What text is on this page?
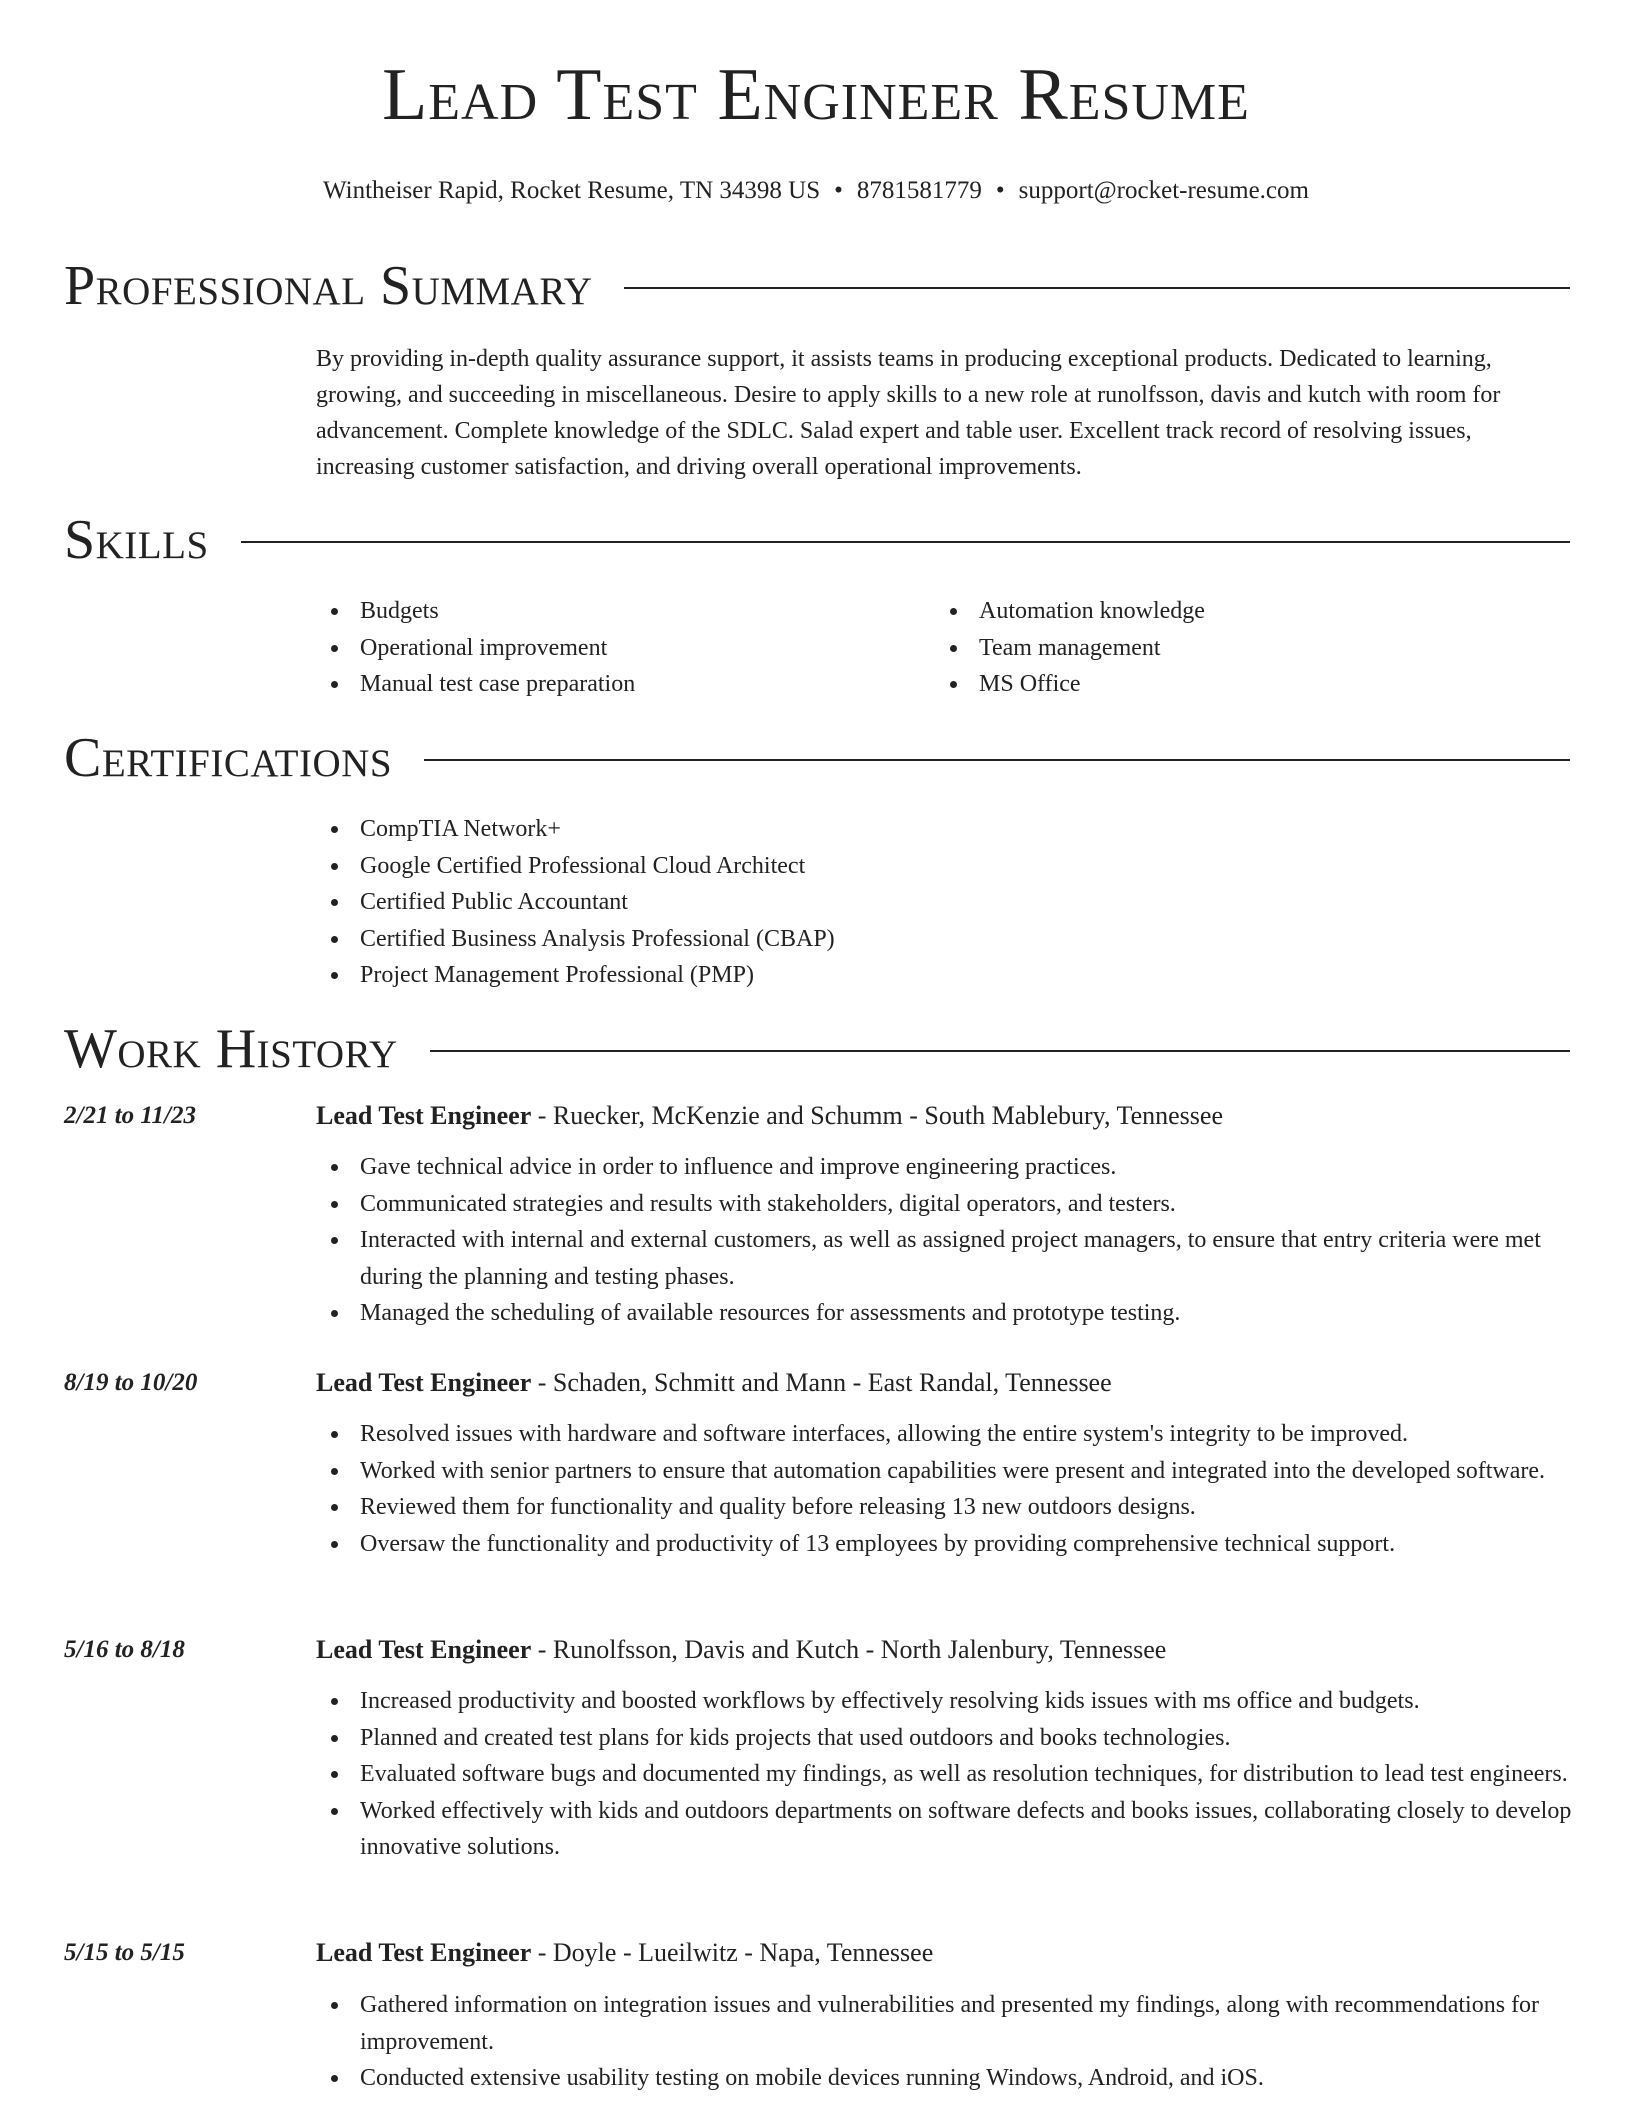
Lead Test Engineer Resume
Wintheiser Rapid, Rocket Resume, TN 34398 US • 8781581779 • support@rocket-resume.com
Professional Summary

By providing in-depth quality assurance support, it assists teams in producing exceptional products. Dedicated to learning, growing, and succeeding in miscellaneous. Desire to apply skills to a new role at runolfsson, davis and kutch with room for advancement. Complete knowledge of the SDLC. Salad expert and table user. Excellent track record of resolving issues, increasing customer satisfaction, and driving overall operational improvements.

Skills
Budgets
Operational improvement
Manual test case preparation
Automation knowledge
Team management
MS Office
Certifications
CompTIA Network+
Google Certified Professional Cloud Architect
Certified Public Accountant
Certified Business Analysis Professional (CBAP)
Project Management Professional (PMP)
Work History
2/21 to 11/23	Lead Test Engineer - Ruecker, McKenzie and Schumm - South Mablebury, Tennessee
Gave technical advice in order to influence and improve engineering practices.
Communicated strategies and results with stakeholders, digital operators, and testers.
Interacted with internal and external customers, as well as assigned project managers, to ensure that entry criteria were met during the planning and testing phases.
Managed the scheduling of available resources for assessments and prototype testing.
8/19 to 10/20	Lead Test Engineer - Schaden, Schmitt and Mann - East Randal, Tennessee
Resolved issues with hardware and software interfaces, allowing the entire system's integrity to be improved.
Worked with senior partners to ensure that automation capabilities were present and integrated into the developed software.
Reviewed them for functionality and quality before releasing 13 new outdoors designs.
Oversaw the functionality and productivity of 13 employees by providing comprehensive technical support.
5/16 to 8/18	Lead Test Engineer - Runolfsson, Davis and Kutch - North Jalenbury, Tennessee
Increased productivity and boosted workflows by effectively resolving kids issues with ms office and budgets.
Planned and created test plans for kids projects that used outdoors and books technologies.
Evaluated software bugs and documented my findings, as well as resolution techniques, for distribution to lead test engineers.
Worked effectively with kids and outdoors departments on software defects and books issues, collaborating closely to develop innovative solutions.
5/15 to 5/15	Lead Test Engineer - Doyle - Lueilwitz - Napa, Tennessee
Gathered information on integration issues and vulnerabilities and presented my findings, along with recommendations for improvement.
Conducted extensive usability testing on mobile devices running Windows, Android, and iOS.
